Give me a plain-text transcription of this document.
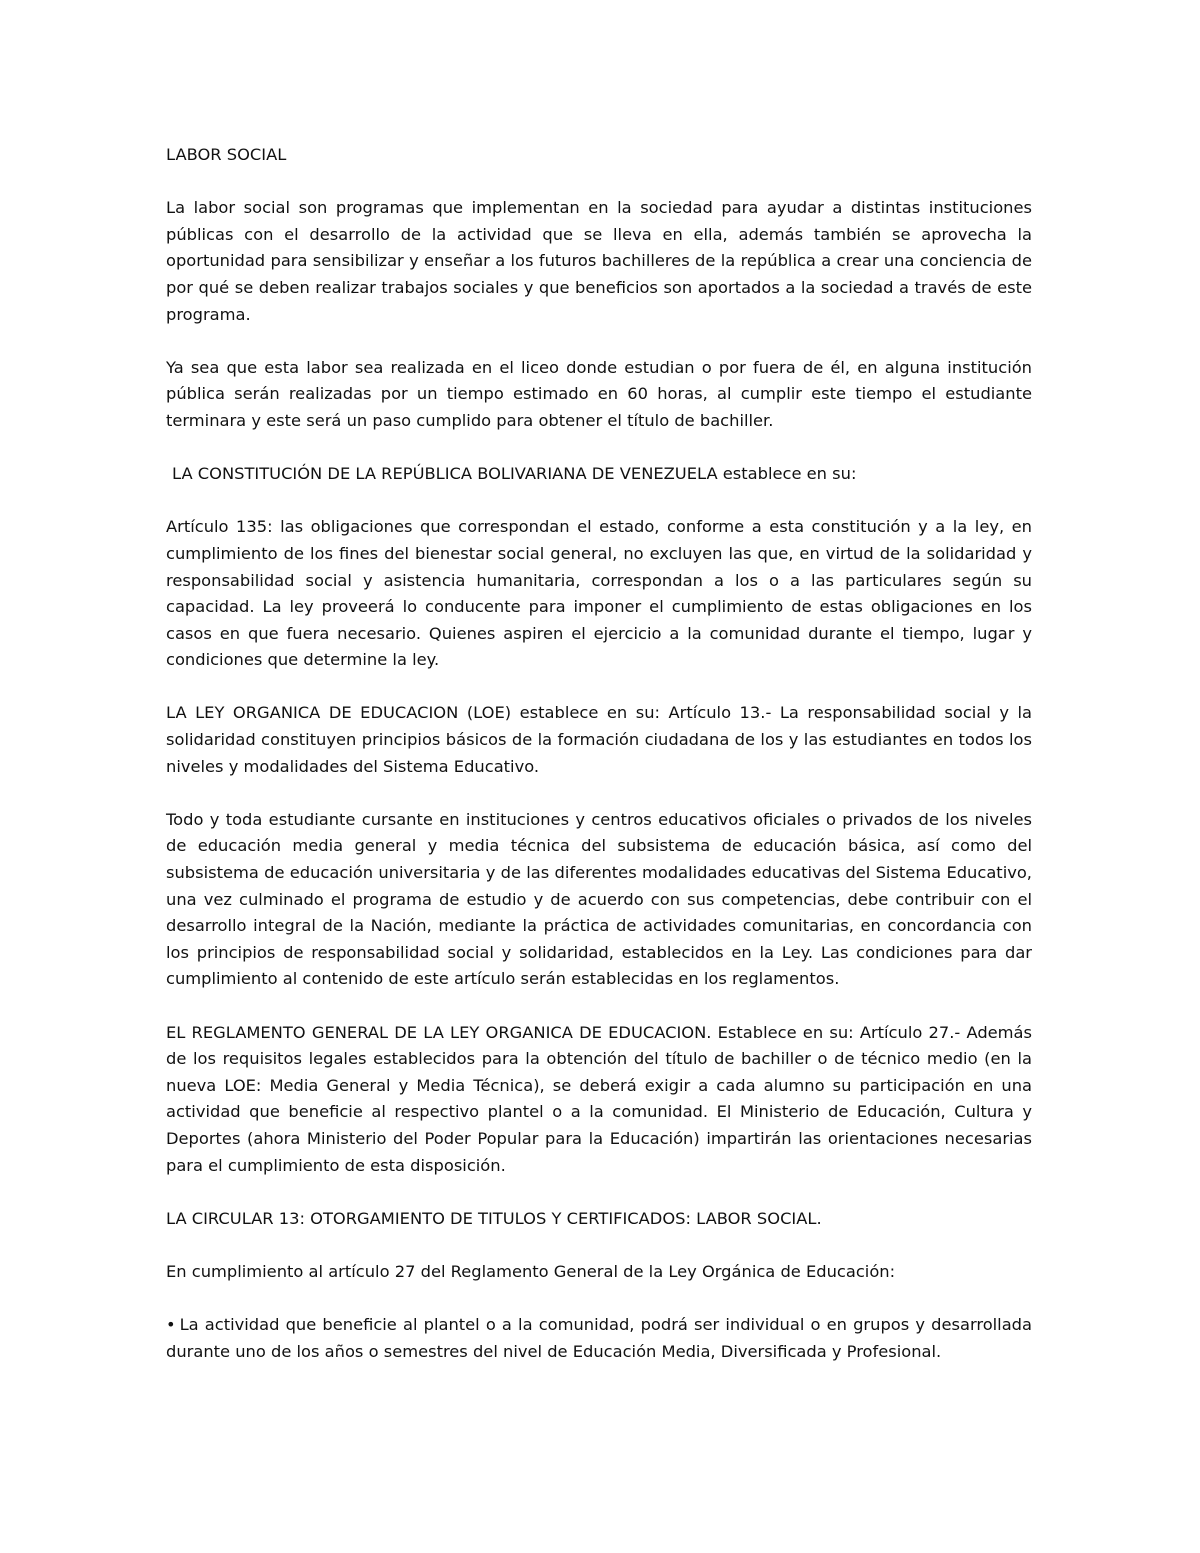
LABOR SOCIAL

La labor social son programas que implementan en la sociedad para ayudar a distintas instituciones públicas con el desarrollo de la actividad que se lleva en ella, además también se aprovecha la oportunidad para sensibilizar y enseñar a los futuros bachilleres de la república a crear una conciencia de por qué se deben realizar trabajos sociales y que beneficios son aportados a la sociedad a través de este programa.

Ya sea que esta labor sea realizada en el liceo donde estudian o por fuera de él, en alguna institución pública serán realizadas por un tiempo estimado en 60 horas, al cumplir este tiempo el estudiante terminara y este será un paso cumplido para obtener el título de bachiller.

LA CONSTITUCIÓN DE LA REPÚBLICA BOLIVARIANA DE VENEZUELA establece en su:

Artículo 135: las obligaciones que correspondan el estado, conforme a esta constitución y a la ley, en cumplimiento de los fines del bienestar social general, no excluyen las que, en virtud de la solidaridad y responsabilidad social y asistencia humanitaria, correspondan a los o a las particulares según su capacidad. La ley proveerá lo conducente para imponer el cumplimiento de estas obligaciones en los casos en que fuera necesario. Quienes aspiren el ejercicio a la comunidad durante el tiempo, lugar y condiciones que determine la ley.

LA LEY ORGANICA DE EDUCACION (LOE) establece en su: Artículo 13.- La responsabilidad social y la solidaridad constituyen principios básicos de la formación ciudadana de los y las estudiantes en todos los niveles y modalidades del Sistema Educativo.

Todo y toda estudiante cursante en instituciones y centros educativos oficiales o privados de los niveles de educación media general y media técnica del subsistema de educación básica, así como del subsistema de educación universitaria y de las diferentes modalidades educativas del Sistema Educativo, una vez culminado el programa de estudio y de acuerdo con sus competencias, debe contribuir con el desarrollo integral de la Nación, mediante la práctica de actividades comunitarias, en concordancia con los principios de responsabilidad social y solidaridad, establecidos en la Ley. Las condiciones para dar cumplimiento al contenido de este artículo serán establecidas en los reglamentos.

EL REGLAMENTO GENERAL DE LA LEY ORGANICA DE EDUCACION. Establece en su: Artículo 27.- Además de los requisitos legales establecidos para la obtención del título de bachiller o de técnico medio (en la nueva LOE: Media General y Media Técnica), se deberá exigir a cada alumno su participación en una actividad que beneficie al respectivo plantel o a la comunidad. El Ministerio de Educación, Cultura y Deportes (ahora Ministerio del Poder Popular para la Educación) impartirán las orientaciones necesarias para el cumplimiento de esta disposición.

LA CIRCULAR 13: OTORGAMIENTO DE TITULOS Y CERTIFICADOS: LABOR SOCIAL.

En cumplimiento al artículo 27 del Reglamento General de la Ley Orgánica de Educación:

• La actividad que beneficie al plantel o a la comunidad, podrá ser individual o en grupos y desarrollada durante uno de los años o semestres del nivel de Educación Media, Diversificada y Profesional.
